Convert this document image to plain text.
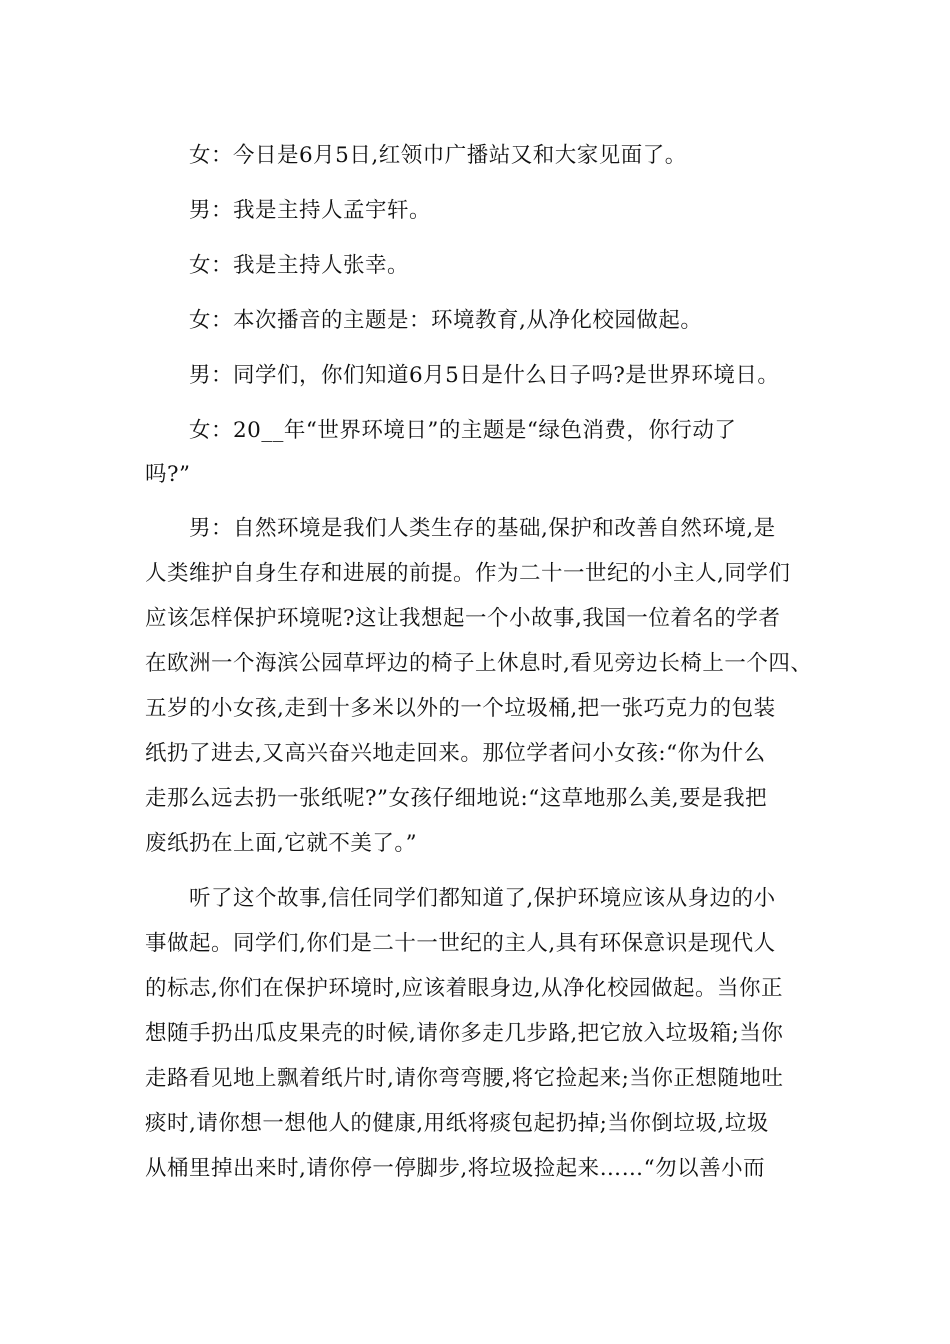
女：今日是6月5日,红领巾广播站又和大家见面了。
男：我是主持人孟宇轩。
女：我是主持人张幸。
女：本次播音的主题是：环境教育,从净化校园做起。
男：同学们，你们知道6月5日是什么日子吗?是世界环境日。
女：20__年“世界环境日”的主题是“绿色消费，你行动了
吗?”
男：自然环境是我们人类生存的基础,保护和改善自然环境,是
人类维护自身生存和进展的前提。作为二十一世纪的小主人,同学们
应该怎样保护环境呢?这让我想起一个小故事,我国一位着名的学者
在欧洲一个海滨公园草坪边的椅子上休息时,看见旁边长椅上一个四、
五岁的小女孩,走到十多米以外的一个垃圾桶,把一张巧克力的包装
纸扔了进去,又高兴奋兴地走回来。那位学者问小女孩:“你为什么
走那么远去扔一张纸呢?”女孩仔细地说:“这草地那么美,要是我把
废纸扔在上面,它就不美了。”
听了这个故事,信任同学们都知道了,保护环境应该从身边的小
事做起。同学们,你们是二十一世纪的主人,具有环保意识是现代人
的标志,你们在保护环境时,应该着眼身边,从净化校园做起。当你正
想随手扔出瓜皮果壳的时候,请你多走几步路,把它放入垃圾箱;当你
走路看见地上飘着纸片时,请你弯弯腰,将它捡起来;当你正想随地吐
痰时,请你想一想他人的健康,用纸将痰包起扔掉;当你倒垃圾,垃圾
从桶里掉出来时,请你停一停脚步,将垃圾捡起来……“勿以善小而
